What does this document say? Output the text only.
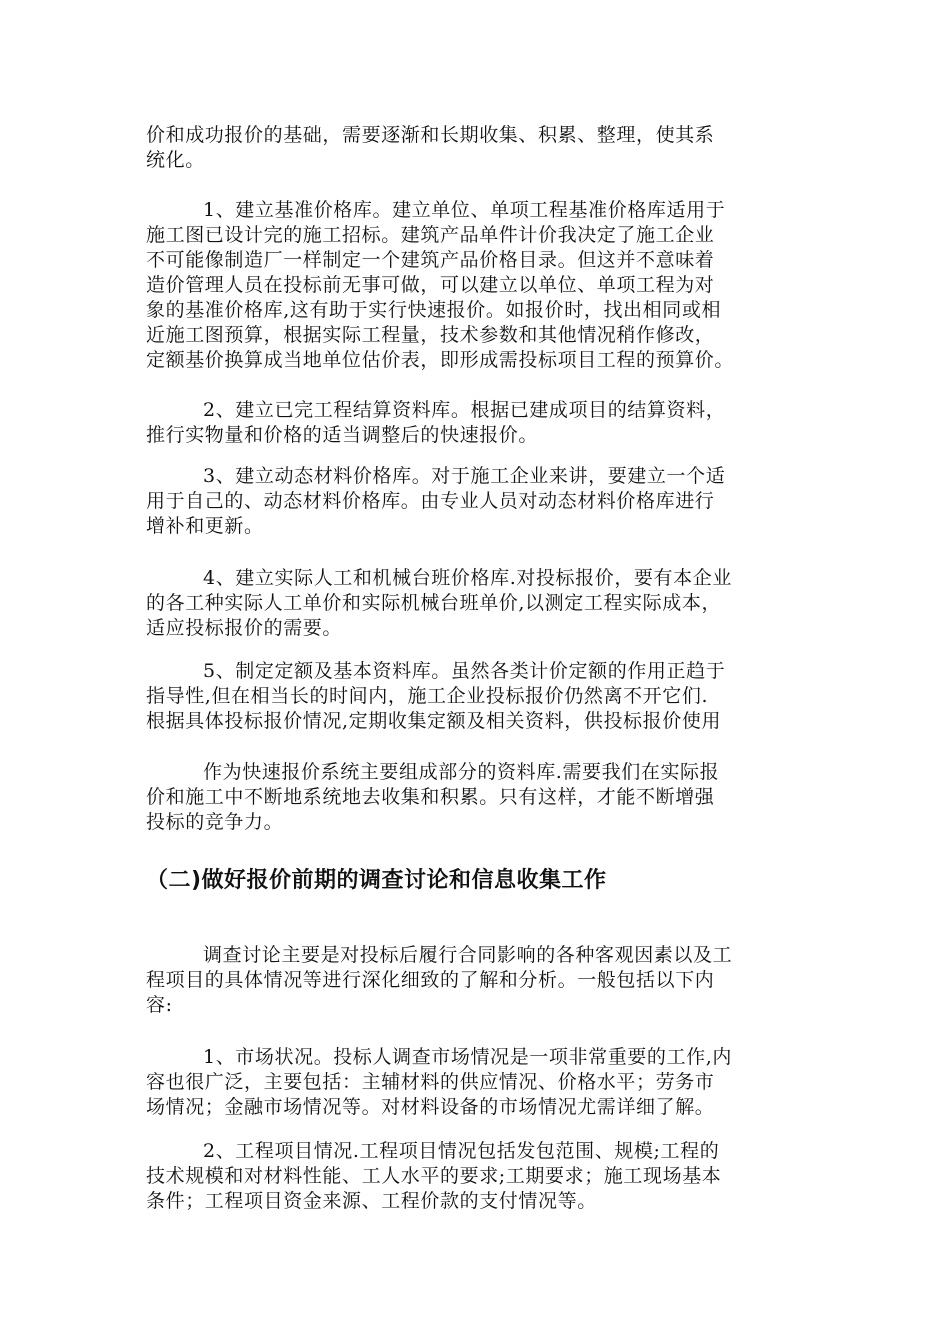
价和成功报价的基础，需要逐渐和长期收集、积累、整理，使其系
统化。
1、建立基准价格库。建立单位、单项工程基准价格库适用于
施工图已设计完的施工招标。建筑产品单件计价我决定了施工企业
不可能像制造厂一样制定一个建筑产品价格目录。但这并不意味着
造价管理人员在投标前无事可做，可以建立以单位、单项工程为对
象的基准价格库,这有助于实行快速报价。如报价时，找出相同或相
近施工图预算，根据实际工程量，技术参数和其他情况稍作修改，
定额基价换算成当地单位估价表，即形成需投标项目工程的预算价。
2、建立已完工程结算资料库。根据已建成项目的结算资料，
推行实物量和价格的适当调整后的快速报价。
3、建立动态材料价格库。对于施工企业来讲，要建立一个适
用于自己的、动态材料价格库。由专业人员对动态材料价格库进行
增补和更新。
4、建立实际人工和机械台班价格库.对投标报价，要有本企业
的各工种实际人工单价和实际机械台班单价,以测定工程实际成本，
适应投标报价的需要。
5、制定定额及基本资料库。虽然各类计价定额的作用正趋于
指导性,但在相当长的时间内，施工企业投标报价仍然离不开它们.
根据具体投标报价情况,定期收集定额及相关资料，供投标报价使用
作为快速报价系统主要组成部分的资料库.需要我们在实际报
价和施工中不断地系统地去收集和积累。只有这样，才能不断增强
投标的竞争力。
（二)做好报价前期的调查讨论和信息收集工作
调查讨论主要是对投标后履行合同影响的各种客观因素以及工
程项目的具体情况等进行深化细致的了解和分析。一般包括以下内
容:
1、市场状况。投标人调查市场情况是一项非常重要的工作,内
容也很广泛，主要包括：主辅材料的供应情况、价格水平；劳务市
场情况；金融市场情况等。对材料设备的市场情况尤需详细了解。
2、工程项目情况.工程项目情况包括发包范围、规模;工程的
技术规模和对材料性能、工人水平的要求;工期要求；施工现场基本
条件；工程项目资金来源、工程价款的支付情况等。
